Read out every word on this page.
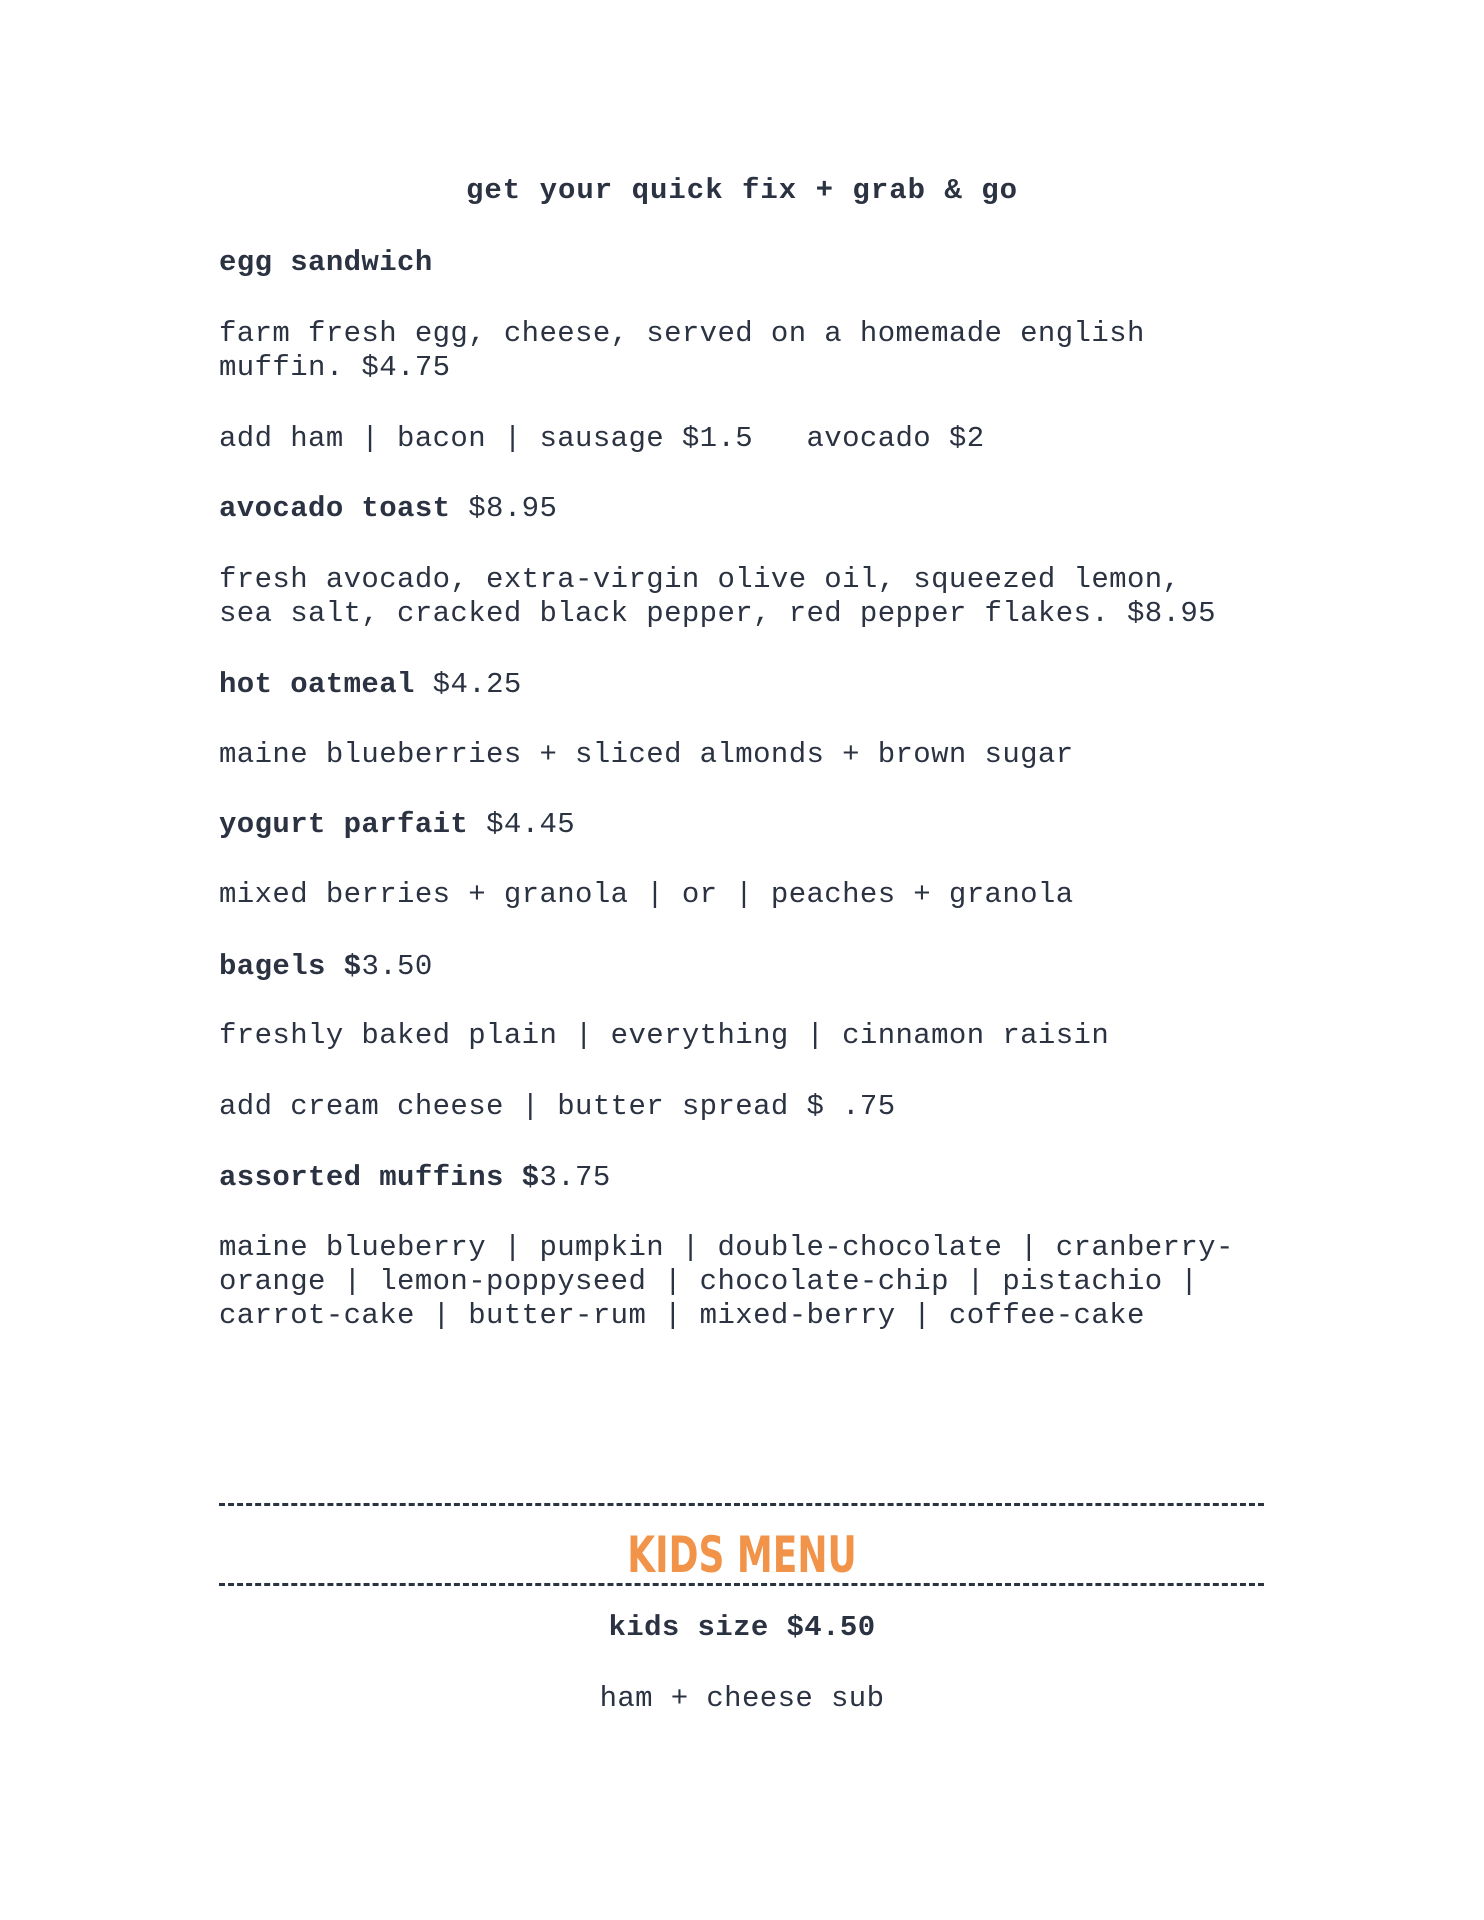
get your quick fix + grab & go
egg sandwich
farm fresh egg, cheese, served on a homemade english
muffin. $4.75
add ham | bacon | sausage $1.5   avocado $2
avocado toast $8.95
fresh avocado, extra-virgin olive oil, squeezed lemon,
sea salt, cracked black pepper, red pepper flakes. $8.95
hot oatmeal $4.25
maine blueberries + sliced almonds + brown sugar
yogurt parfait $4.45
mixed berries + granola | or | peaches + granola
bagels $3.50
freshly baked plain | everything | cinnamon raisin
add cream cheese | butter spread $ .75
assorted muffins $3.75
maine blueberry | pumpkin | double-chocolate | cranberry-
orange | lemon-poppyseed | chocolate-chip | pistachio |
carrot-cake | butter-rum | mixed-berry | coffee-cake
KIDS MENU
kids size $4.50
ham + cheese sub
